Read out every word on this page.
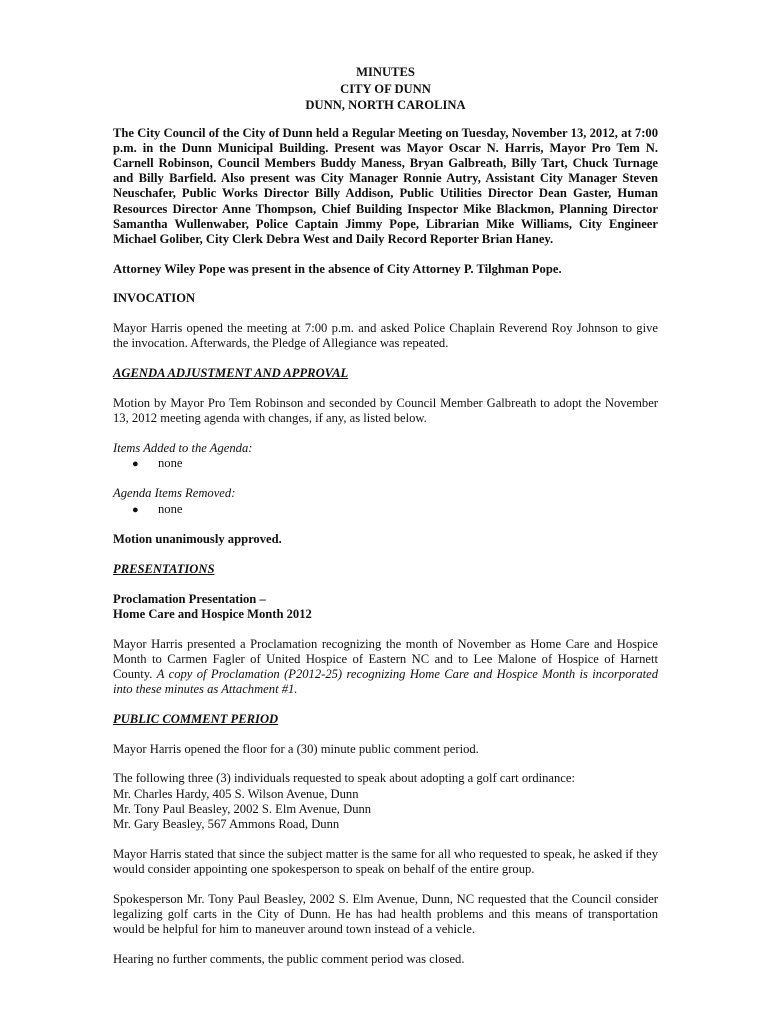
MINUTES
CITY OF DUNN
DUNN, NORTH CAROLINA

The City Council of the City of Dunn held a Regular Meeting on Tuesday, November 13, 2012, at 7:00 p.m. in the Dunn Municipal Building. Present was Mayor Oscar N. Harris, Mayor Pro Tem N. Carnell Robinson, Council Members Buddy Maness, Bryan Galbreath, Billy Tart, Chuck Turnage and Billy Barfield. Also present was City Manager Ronnie Autry, Assistant City Manager Steven Neuschafer, Public Works Director Billy Addison, Public Utilities Director Dean Gaster, Human Resources Director Anne Thompson, Chief Building Inspector Mike Blackmon, Planning Director Samantha Wullenwaber, Police Captain Jimmy Pope, Librarian Mike Williams, City Engineer Michael Goliber, City Clerk Debra West and Daily Record Reporter Brian Haney.

Attorney Wiley Pope was present in the absence of City Attorney P. Tilghman Pope.

INVOCATION

Mayor Harris opened the meeting at 7:00 p.m. and asked Police Chaplain Reverend Roy Johnson to give the invocation. Afterwards, the Pledge of Allegiance was repeated.

AGENDA ADJUSTMENT AND APPROVAL

Motion by Mayor Pro Tem Robinson and seconded by Council Member Galbreath to adopt the November 13, 2012 meeting agenda with changes, if any, as listed below.

Items Added to the Agenda:
●	none
Agenda Items Removed:
●	none

Motion unanimously approved.

PRESENTATIONS

Proclamation Presentation –
Home Care and Hospice Month 2012

Mayor Harris presented a Proclamation recognizing the month of November as Home Care and Hospice Month to Carmen Fagler of United Hospice of Eastern NC and to Lee Malone of Hospice of Harnett County. A copy of Proclamation (P2012-25) recognizing Home Care and Hospice Month is incorporated into these minutes as Attachment #1.

PUBLIC COMMENT PERIOD

Mayor Harris opened the floor for a (30) minute public comment period.

The following three (3) individuals requested to speak about adopting a golf cart ordinance:
Mr. Charles Hardy, 405 S. Wilson Avenue, Dunn
Mr. Tony Paul Beasley, 2002 S. Elm Avenue, Dunn
Mr. Gary Beasley, 567 Ammons Road, Dunn

Mayor Harris stated that since the subject matter is the same for all who requested to speak, he asked if they would consider appointing one spokesperson to speak on behalf of the entire group.

Spokesperson Mr. Tony Paul Beasley, 2002 S. Elm Avenue, Dunn, NC requested that the Council consider legalizing golf carts in the City of Dunn. He has had health problems and this means of transportation would be helpful for him to maneuver around town instead of a vehicle.

Hearing no further comments, the public comment period was closed.
